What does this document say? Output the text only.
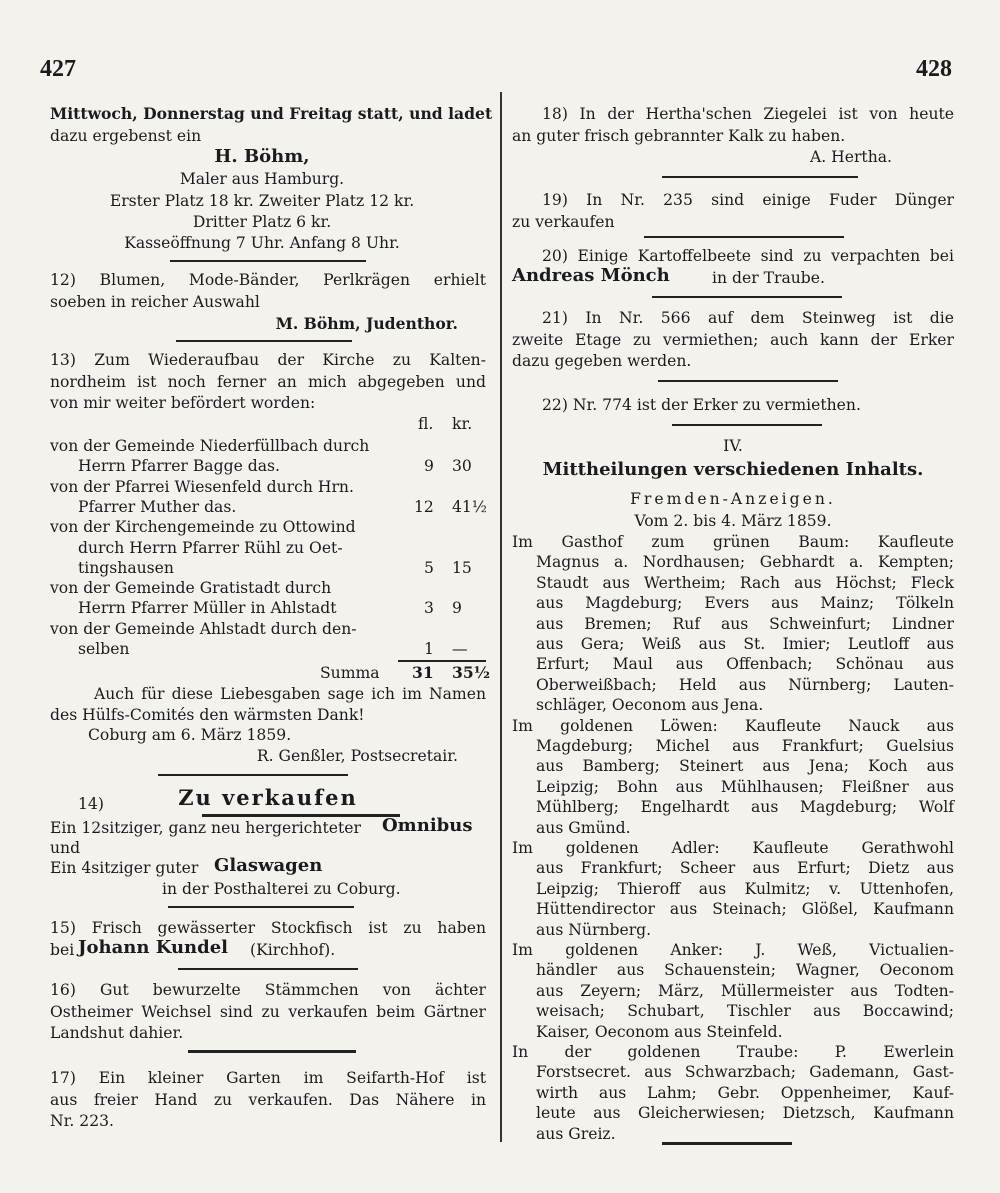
427	428
Mittwoch, Donnerstag und Freitag statt, und ladet
dazu ergebenst ein
H. Böhm,
Maler aus Hamburg.
Erster Platz 18 kr. Zweiter Platz 12 kr.
Dritter Platz 6 kr.
Kasseöffnung 7 Uhr. Anfang 8 Uhr.
12) Blumen, Mode-Bänder, Perlkrägen erhielt
soeben in reicher Auswahl
M. Böhm, Judenthor.
13) Zum Wiederaufbau der Kirche zu Kalten-
nordheim ist noch ferner an mich abgegeben und
von mir weiter befördert worden:
fl. kr.
von der Gemeinde Niederfüllbach durch
Herrn Pfarrer Bagge das.	9 30
von der Pfarrei Wiesenfeld durch Hrn.
Pfarrer Muther das.	12 41½
von der Kirchengemeinde zu Ottowind
durch Herrn Pfarrer Rühl zu Oet-
tingshausen	5 15
von der Gemeinde Gratistadt durch
Herrn Pfarrer Müller in Ahlstadt	3 9
von der Gemeinde Ahlstadt durch den-
selben	1 —
Summa 31 35½
Auch für diese Liebesgaben sage ich im Namen
des Hülfs-Comités den wärmsten Dank!
Coburg am 6. März 1859.
R. Genßler, Postsecretair.
14)	Zu verkaufen
Ein 12sitziger, ganz neu hergerichteter Omnibus
und
Ein 4sitziger guter Glaswagen
in der Posthalterei zu Coburg.
15) Frisch gewässerter Stockfisch ist zu haben
bei Johann Kundel (Kirchhof).
16) Gut bewurzelte Stämmchen von ächter
Ostheimer Weichsel sind zu verkaufen beim Gärtner
Landshut dahier.
17) Ein kleiner Garten im Seifarth-Hof ist
aus freier Hand zu verkaufen. Das Nähere in
Nr. 223.
18) In der Hertha'schen Ziegelei ist von heute
an guter frisch gebrannter Kalk zu haben.
A. Hertha.
19) In Nr. 235 sind einige Fuder Dünger
zu verkaufen
20) Einige Kartoffelbeete sind zu verpachten bei
Andreas Mönch	in der Traube.
21) In Nr. 566 auf dem Steinweg ist die
zweite Etage zu vermiethen; auch kann der Erker
dazu gegeben werden.
22) Nr. 774 ist der Erker zu vermiethen.
IV.
Mittheilungen verschiedenen Inhalts.
Fremden-Anzeigen.
Vom 2. bis 4. März 1859.
Im Gasthof zum grünen Baum: Kaufleute
Magnus a. Nordhausen; Gebhardt a. Kempten;
Staudt aus Wertheim; Rach aus Höchst; Fleck
aus Magdeburg; Evers aus Mainz; Tölkeln
aus Bremen; Ruf aus Schweinfurt; Lindner
aus Gera; Weiß aus St. Imier; Leutloff aus
Erfurt; Maul aus Offenbach; Schönau aus
Oberweißbach; Held aus Nürnberg; Lauten-
schläger, Oeconom aus Jena.
Im goldenen Löwen: Kaufleute Nauck aus
Magdeburg; Michel aus Frankfurt; Guelsius
aus Bamberg; Steinert aus Jena; Koch aus
Leipzig; Bohn aus Mühlhausen; Fleißner aus
Mühlberg; Engelhardt aus Magdeburg; Wolf
aus Gmünd.
Im goldenen Adler: Kaufleute Gerathwohl
aus Frankfurt; Scheer aus Erfurt; Dietz aus
Leipzig; Thieroff aus Kulmitz; v. Uttenhofen,
Hüttendirector aus Steinach; Glößel, Kaufmann
aus Nürnberg.
Im goldenen Anker: J. Weß, Victualien-
händler aus Schauenstein; Wagner, Oeconom
aus Zeyern; März, Müllermeister aus Todten-
weisach; Schubart, Tischler aus Boccawind;
Kaiser, Oeconom aus Steinfeld.
In der goldenen Traube: P. Ewerlein
Forstsecret. aus Schwarzbach; Gademann, Gast-
wirth aus Lahm; Gebr. Oppenheimer, Kauf-
leute aus Gleicherwiesen; Dietzsch, Kaufmann
aus Greiz.
